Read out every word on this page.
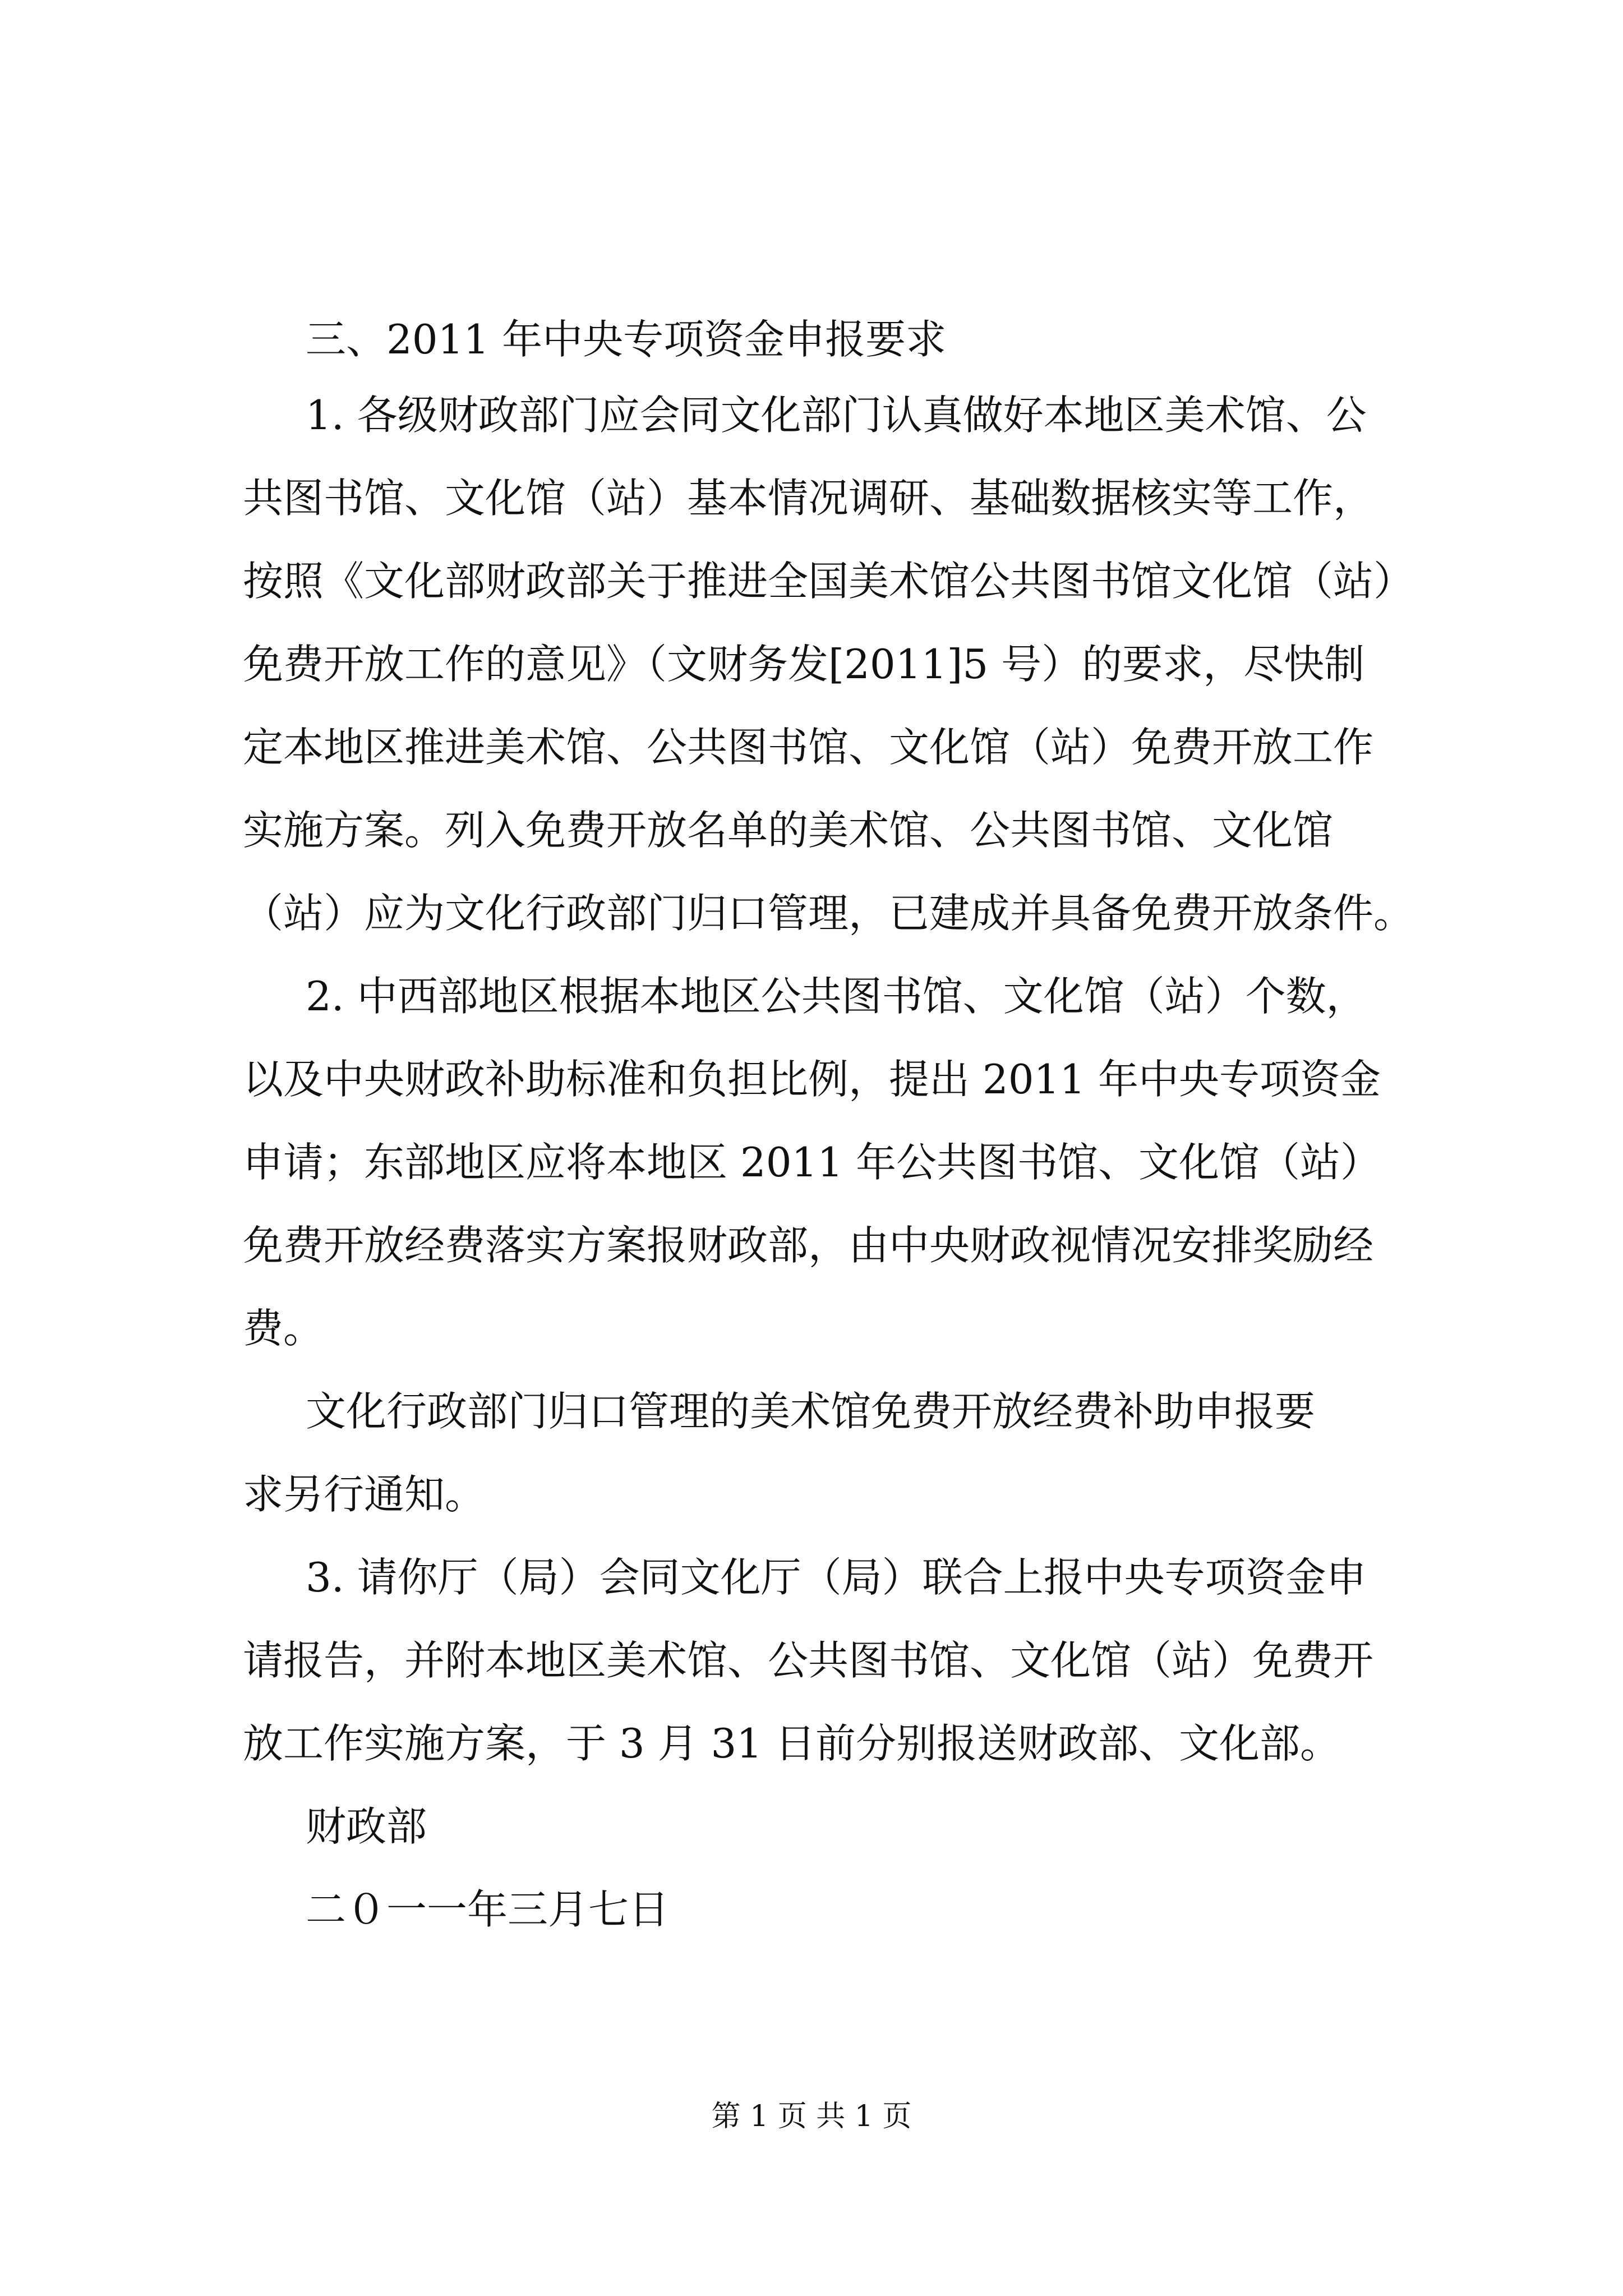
三、2011 年中央专项资金申报要求
1. 各级财政部门应会同文化部门认真做好本地区美术馆、公
共图书馆、文化馆（站）基本情况调研、基础数据核实等工作，
按照《文化部财政部关于推进全国美术馆公共图书馆文化馆（站）
免费开放工作的意见》（文财务发[2011]5 号）的要求，尽快制
定本地区推进美术馆、公共图书馆、文化馆（站）免费开放工作
实施方案。列入免费开放名单的美术馆、公共图书馆、文化馆
（站）应为文化行政部门归口管理，已建成并具备免费开放条件。
2. 中西部地区根据本地区公共图书馆、文化馆（站）个数，
以及中央财政补助标准和负担比例，提出 2011 年中央专项资金
申请；东部地区应将本地区 2011 年公共图书馆、文化馆（站）
免费开放经费落实方案报财政部，由中央财政视情况安排奖励经
费。
文化行政部门归口管理的美术馆免费开放经费补助申报要
求另行通知。
3. 请你厅（局）会同文化厅（局）联合上报中央专项资金申
请报告，并附本地区美术馆、公共图书馆、文化馆（站）免费开
放工作实施方案，于 3 月 31 日前分别报送财政部、文化部。
财政部
二０一一年三月七日
第 1 页 共 1 页
